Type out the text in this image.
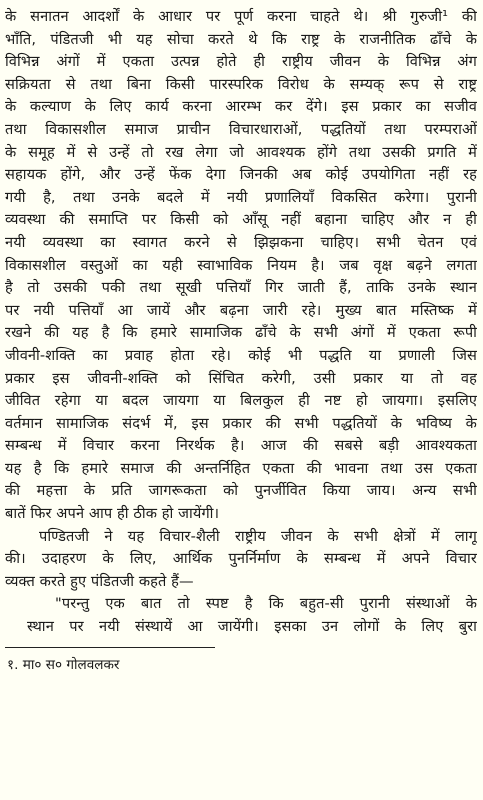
के सनातन आदर्शों के आधार पर पूर्ण करना चाहते थे। श्री गुरुजी¹ की
भाँति, पंडितजी भी यह सोचा करते थे कि राष्ट्र के राजनीतिक ढाँचे के
विभिन्न अंगों में एकता उत्पन्न होते ही राष्ट्रीय जीवन के विभिन्न अंग
सक्रियता से तथा बिना किसी पारस्परिक विरोध के सम्यक् रूप से राष्ट्र
के कल्याण के लिए कार्य करना आरम्भ कर देंगे। इस प्रकार का सजीव
तथा विकासशील समाज प्राचीन विचारधाराओं, पद्धतियों तथा परम्पराओं
के समूह में से उन्हें तो रख लेगा जो आवश्यक होंगे तथा उसकी प्रगति में
सहायक होंगे, और उन्हें फेंक देगा जिनकी अब कोई उपयोगिता नहीं रह
गयी है, तथा उनके बदले में नयी प्रणालियाँ विकसित करेगा। पुरानी
व्यवस्था की समाप्ति पर किसी को आँसू नहीं बहाना चाहिए और न ही
नयी व्यवस्था का स्वागत करने से झिझकना चाहिए। सभी चेतन एवं
विकासशील वस्तुओं का यही स्वाभाविक नियम है। जब वृक्ष बढ़ने लगता
है तो उसकी पकी तथा सूखी पत्तियाँ गिर जाती हैं, ताकि उनके स्थान
पर नयी पत्तियाँ आ जायें और बढ़ना जारी रहे। मुख्य बात मस्तिष्क में
रखने की यह है कि हमारे सामाजिक ढाँचे के सभी अंगों में एकता रूपी
जीवनी-शक्ति का प्रवाह होता रहे। कोई भी पद्धति या प्रणाली जिस
प्रकार इस जीवनी-शक्ति को सिंचित करेगी, उसी प्रकार या तो वह
जीवित रहेगा या बदल जायगा या बिलकुल ही नष्ट हो जायगा। इसलिए
वर्तमान सामाजिक संदर्भ में, इस प्रकार की सभी पद्धतियों के भविष्य के
सम्बन्ध में विचार करना निरर्थक है। आज की सबसे बड़ी आवश्यकता
यह है कि हमारे समाज की अन्तर्निहित एकता की भावना तथा उस एकता
की महत्ता के प्रति जागरूकता को पुनर्जीवित किया जाय। अन्य सभी
बातें फिर अपने आप ही ठीक हो जायेंगी।
पण्डितजी ने यह विचार-शैली राष्ट्रीय जीवन के सभी क्षेत्रों में लागू
की। उदाहरण के लिए, आर्थिक पुनर्निर्माण के सम्बन्ध में अपने विचार
व्यक्त करते हुए पंडितजी कहते हैं—
"परन्तु एक बात तो स्पष्ट है कि बहुत-सी पुरानी संस्थाओं के
स्थान पर नयी संस्थायें आ जायेंगी। इसका उन लोगों के लिए बुरा
१. मा० स० गोलवलकर
